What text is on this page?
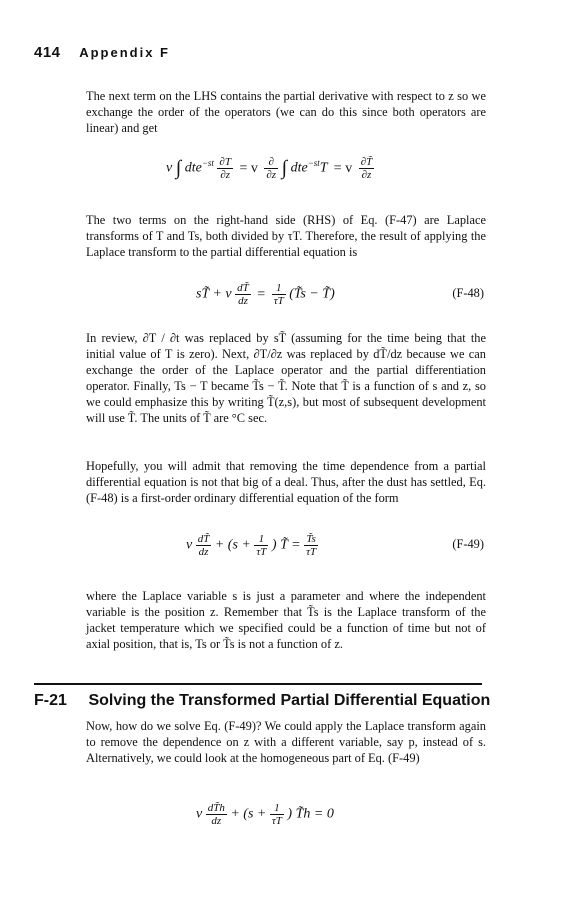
414 Appendix F

The next term on the LHS contains the partial derivative with respect to z so we exchange the order of the operators (we can do this since both operators are linear) and get

v ∫ $dte^{-st} \frac{\partial T}{\partial z} = v \frac{\partial}{\partial z}$ ∫ dte$^{-st}$T = v $\frac{\partial T̃}{\partial z}$

The two terms on the right-hand side (RHS) of Eq. (F-47) are Laplace transforms of T and Ts, both divided by τT. Therefore, the result of applying the Laplace transform to the partial differential equation is

sT̃ + v $\frac{dT̃}{dz} = \frac{1}{\tau T}$ (T̃s − T̃)	(F-48)

In review, ∂T / ∂t was replaced by sT̃ (assuming for the time being that the initial value of T is zero). Next, ∂T/∂z was replaced by dT̃/dz because we can exchange the order of the Laplace operator and the partial differentiation operator. Finally, Ts − T became T̃s − T̃. Note that T̃ is a function of s and z, so we could emphasize this by writing T̃(z,s), but most of subsequent development will use T̃. The units of T̃ are °C sec.

Hopefully, you will admit that removing the time dependence from a partial differential equation is not that big of a deal. Thus, after the dust has settled, Eq. (F-48) is a first-order ordinary differential equation of the form

v $\frac{dT̃}{dz} + (s + \frac{1}{\tau T}$ ) T̃ = $\frac{T̃s}{\tau T}$	(F-49)

where the Laplace variable s is just a parameter and where the independent variable is the position z. Remember that T̃s is the Laplace transform of the jacket temperature which we specified could be a function of time but not of axial position, that is, Ts or T̃s is not a function of z.

F-21 Solving the Transformed Partial Differential Equation

Now, how do we solve Eq. (F-49)? We could apply the Laplace transform again to remove the dependence on z with a different variable, say p, instead of s. Alternatively, we could look at the homogeneous part of Eq. (F-49)

v $\frac{dT̃h}{dz} + (s + \frac{1}{\tau T}$ ) T̃h = 0
